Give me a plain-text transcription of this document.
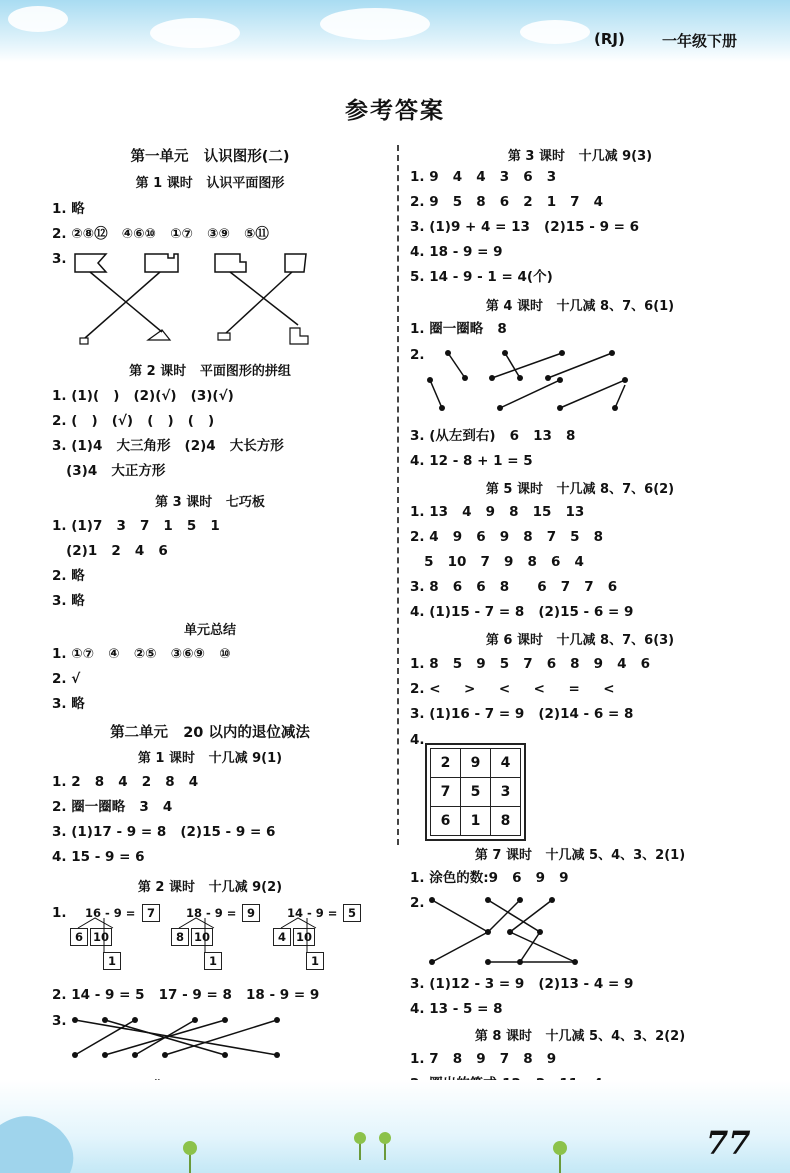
(RJ) 一年级下册
参考答案
第一单元   认识图形(二)
第 1 课时   认识平面图形
1. 略
2. ②⑧⑫   ④⑥⑩   ①⑦   ③⑨   ⑤⑪
3.
第 2 课时   平面图形的拼组
1. (1)(   )   (2)(√)   (3)(√)
2. (   )   (√)   (   )   (   )
3. (1)4   大三角形   (2)4   大长方形
(3)4   大正方形
第 3 课时   七巧板
1. (1)7   3   7   1   5   1
(2)1   2   4   6
2. 略
3. 略
单元总结
1. ①⑦   ④   ②⑤   ③⑥⑨   ⑩
2. √
3. 略
第二单元   20 以内的退位减法
第 1 课时   十几减 9(1)
1. 2   8   4   2   8   4
2. 圈一圈略   3   4
3. (1)17 - 9 = 8   (2)15 - 9 = 6
4. 15 - 9 = 6
第 2 课时   十几减 9(2)
1. 16 - 9 =	7
6 10
1
18 - 9 = 9
8 10
1
14 - 9 = 5
4 10
1
2. 14 - 9 = 5   17 - 9 = 8   18 - 9 = 9
3.
第 3 课时   十几减 9(3)
1. 9   4   4   3   6   3
2. 9   5   8   6   2   1   7   4
3. (1)9 + 4 = 13   (2)15 - 9 = 6
4. 18 - 9 = 9
5. 14 - 9 - 1 = 4(个)
第 4 课时   十几减 8、7、6(1)
1. 圈一圈略   8
2.
3. (从左到右)   6   13   8
4. 12 - 8 + 1 = 5
第 5 课时   十几减 8、7、6(2)
1. 13   4   9   8   15   13
2. 4   9   6   9   8   7   5   8
5   10   7   9   8   6   4
3. 8   6   6   8      6   7   7   6
4. (1)15 - 7 = 8   (2)15 - 6 = 9
第 6 课时   十几减 8、7、6(3)
1. 8   5   9   5   7   6   8   9   4   6
2. <     >     <     <     =     <
3. (1)16 - 7 = 9   (2)14 - 6 = 8
4.
2	9	4
7	5	3
6	1	8
第 7 课时   十几减 5、4、3、2(1)
1. 涂色的数:9   6   9   9
2.
3. (1)12 - 3 = 9   (2)13 - 4 = 9
4. 13 - 5 = 8
第 8 课时   十几减 5、4、3、2(2)
1. 7   8   9   7   8   9
77
